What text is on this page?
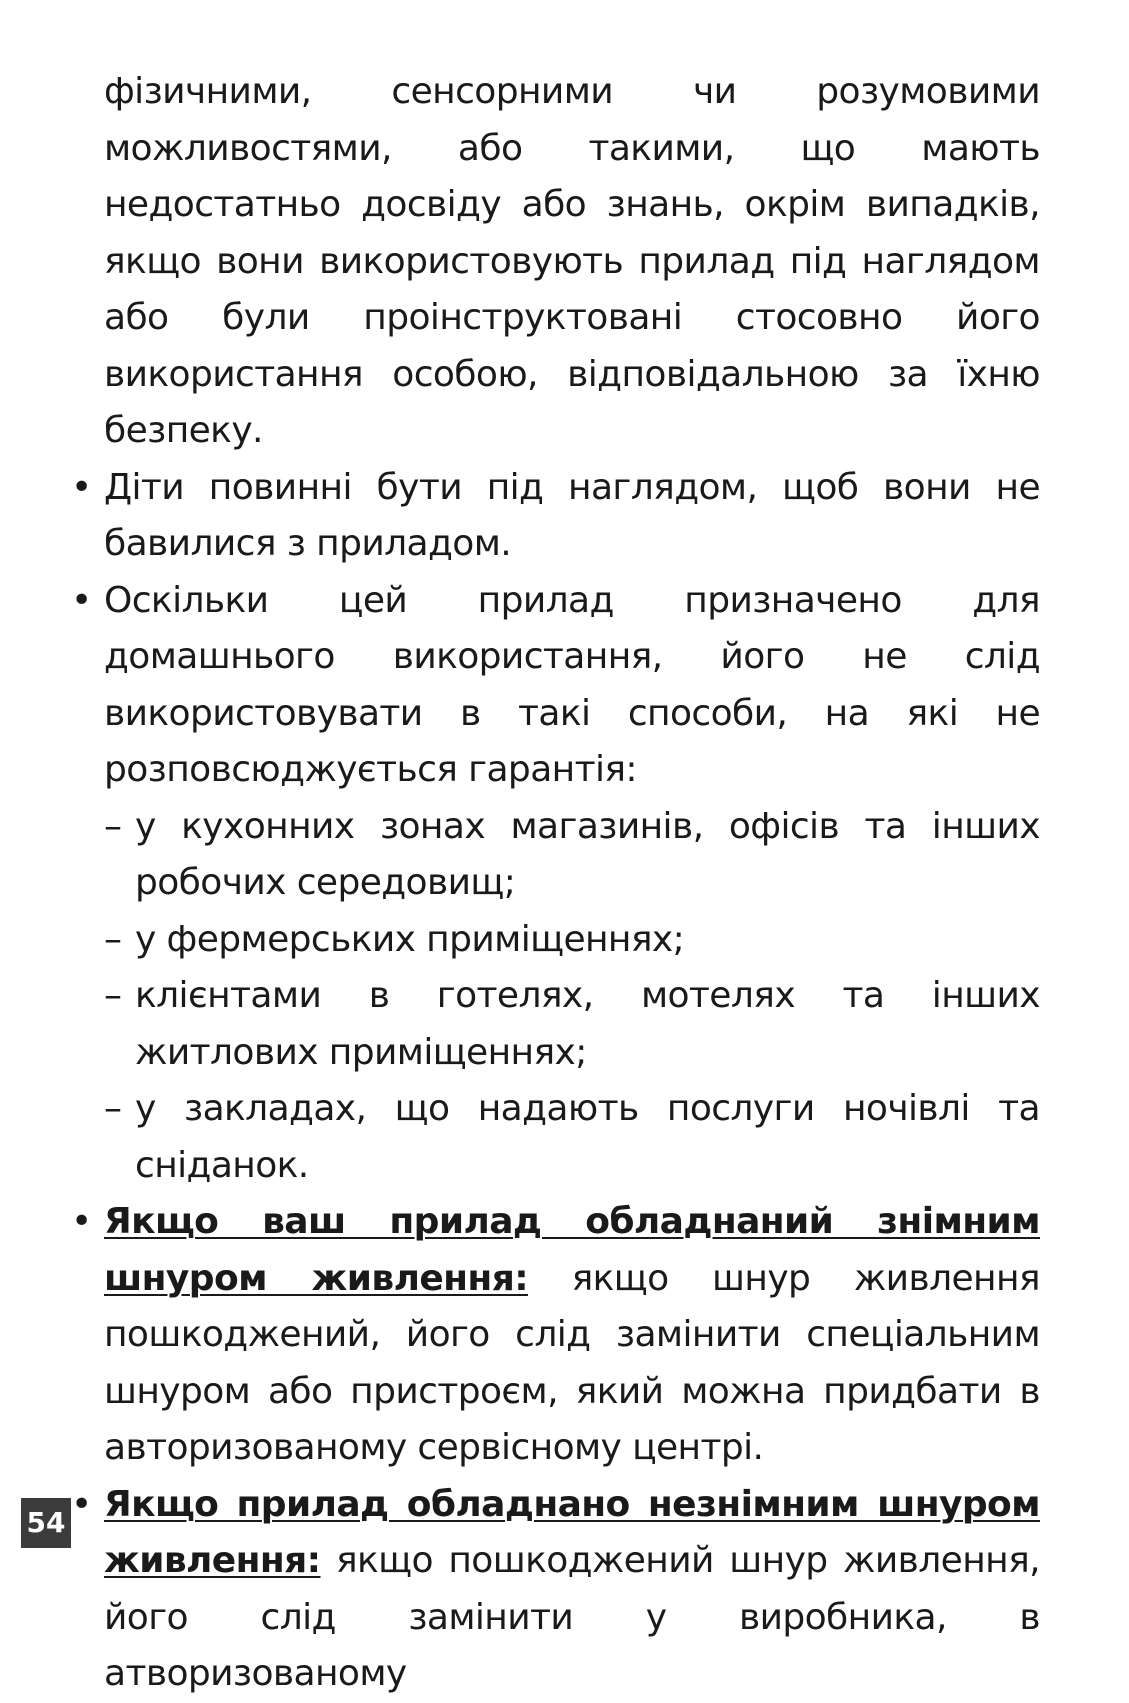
фізичними, сенсорними чи розумовими можливостями, або такими, що мають недостатньо досвіду або знань, окрім випадків, якщо вони використовують прилад під наглядом або були проінструктовані стосовно його використання особою, відповідальною за їхню безпеку.

• Діти повинні бути під наглядом, щоб вони не бавилися з приладом.

• Оскільки цей прилад призначено для домашнього використання, його не слід використовувати в такі способи, на які не розповсюджується гарантія:

– у кухонних зонах магазинів, офісів та інших робочих середовищ;

– у фермерських приміщеннях;

– клієнтами в готелях, мотелях та інших житлових приміщеннях;

– у закладах, що надають послуги ночівлі та сніданок.

• Якщо ваш прилад обладнаний знімним шнуром живлення: якщо шнур живлення пошкоджений, його слід замінити спеціальним шнуром або пристроєм, який можна придбати в авторизованому сервісному центрі.

• Якщо прилад обладнано незнімним шнуром живлення: якщо пошкоджений шнур живлення, його слід замінити у виробника, в атворизованому

54
